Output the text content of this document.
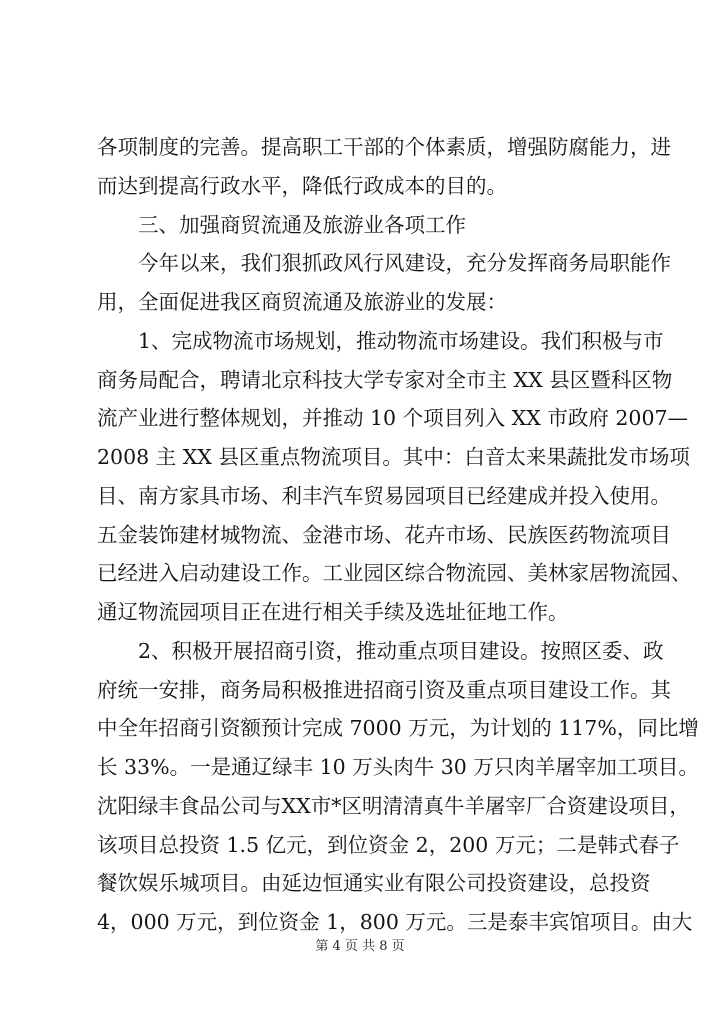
各项制度的完善。提高职工干部的个体素质，增强防腐能力，进
而达到提高行政水平，降低行政成本的目的。
三、加强商贸流通及旅游业各项工作
今年以来，我们狠抓政风行风建设，充分发挥商务局职能作
用，全面促进我区商贸流通及旅游业的发展：
1、完成物流市场规划，推动物流市场建设。我们积极与市
商务局配合，聘请北京科技大学专家对全市主 XX 县区暨科区物
流产业进行整体规划，并推动 10 个项目列入 XX 市政府 2007—
2008 主 XX 县区重点物流项目。其中：白音太来果蔬批发市场项
目、南方家具市场、利丰汽车贸易园项目已经建成并投入使用。
五金装饰建材城物流、金港市场、花卉市场、民族医药物流项目
已经进入启动建设工作。工业园区综合物流园、美林家居物流园、
通辽物流园项目正在进行相关手续及选址征地工作。
2、积极开展招商引资，推动重点项目建设。按照区委、政
府统一安排，商务局积极推进招商引资及重点项目建设工作。其
中全年招商引资额预计完成 7000 万元，为计划的 117%，同比增
长 33%。一是通辽绿丰 10 万头肉牛 30 万只肉羊屠宰加工项目。
沈阳绿丰食品公司与XX市*区明清清真牛羊屠宰厂合资建设项目，
该项目总投资 1.5 亿元，到位资金 2，200 万元；二是韩式春子
餐饮娱乐城项目。由延边恒通实业有限公司投资建设，总投资
4，000 万元，到位资金 1，800 万元。三是泰丰宾馆项目。由大
第 4 页 共 8 页
